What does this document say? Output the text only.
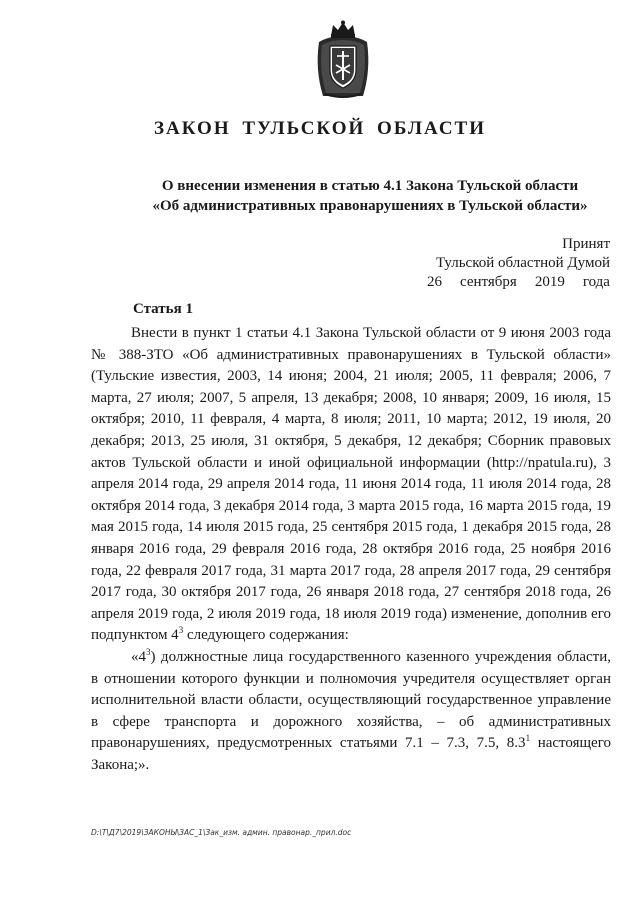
ЗАКОН ТУЛЬСКОЙ ОБЛАСТИ
О внесении изменения в статью 4.1 Закона Тульской области
«Об административных правонарушениях в Тульской области»
Принят
Тульской областной Думой
26 сентября 2019 года
Статья 1

Внести в пункт 1 статьи 4.1 Закона Тульской области от 9 июня 2003 года № 388-ЗТО «Об административных правонарушениях в Тульской области» (Тульские известия, 2003, 14 июня; 2004, 21 июля; 2005, 11 февраля; 2006, 7 марта, 27 июля; 2007, 5 апреля, 13 декабря; 2008, 10 января; 2009, 16 июля, 15 октября; 2010, 11 февраля, 4 марта, 8 июля; 2011, 10 марта; 2012, 19 июля, 20 декабря; 2013, 25 июля, 31 октября, 5 декабря, 12 декабря; Сборник правовых актов Тульской области и иной официальной информации (http://npatula.ru), 3 апреля 2014 года, 29 апреля 2014 года, 11 июня 2014 года, 11 июля 2014 года, 28 октября 2014 года, 3 декабря 2014 года, 3 марта 2015 года, 16 марта 2015 года, 19 мая 2015 года, 14 июля 2015 года, 25 сентября 2015 года, 1 декабря 2015 года, 28 января 2016 года, 29 февраля 2016 года, 28 октября 2016 года, 25 ноября 2016 года, 22 февраля 2017 года, 31 марта 2017 года, 28 апреля 2017 года, 29 сентября 2017 года, 30 октября 2017 года, 26 января 2018 года, 27 сентября 2018 года, 26 апреля 2019 года, 2 июля 2019 года, 18 июля 2019 года) изменение, дополнив его подпунктом $4^3$ следующего содержания:

«$4^3$) должностные лица государственного казенного учреждения области, в отношении которого функции и полномочия учредителя осуществляет орган исполнительной власти области, осуществляющий государственное управление в сфере транспорта и дорожного хозяйства, – об административных правонарушениях, предусмотренных статьями 7.1 – 7.3, 7.5, $8.3^1$ настоящего Закона;».

D:\Т\Д7\2019\ЗАКОНЫ\ЗАС_1\Зак_изм. админ. правонар._прил.doc
